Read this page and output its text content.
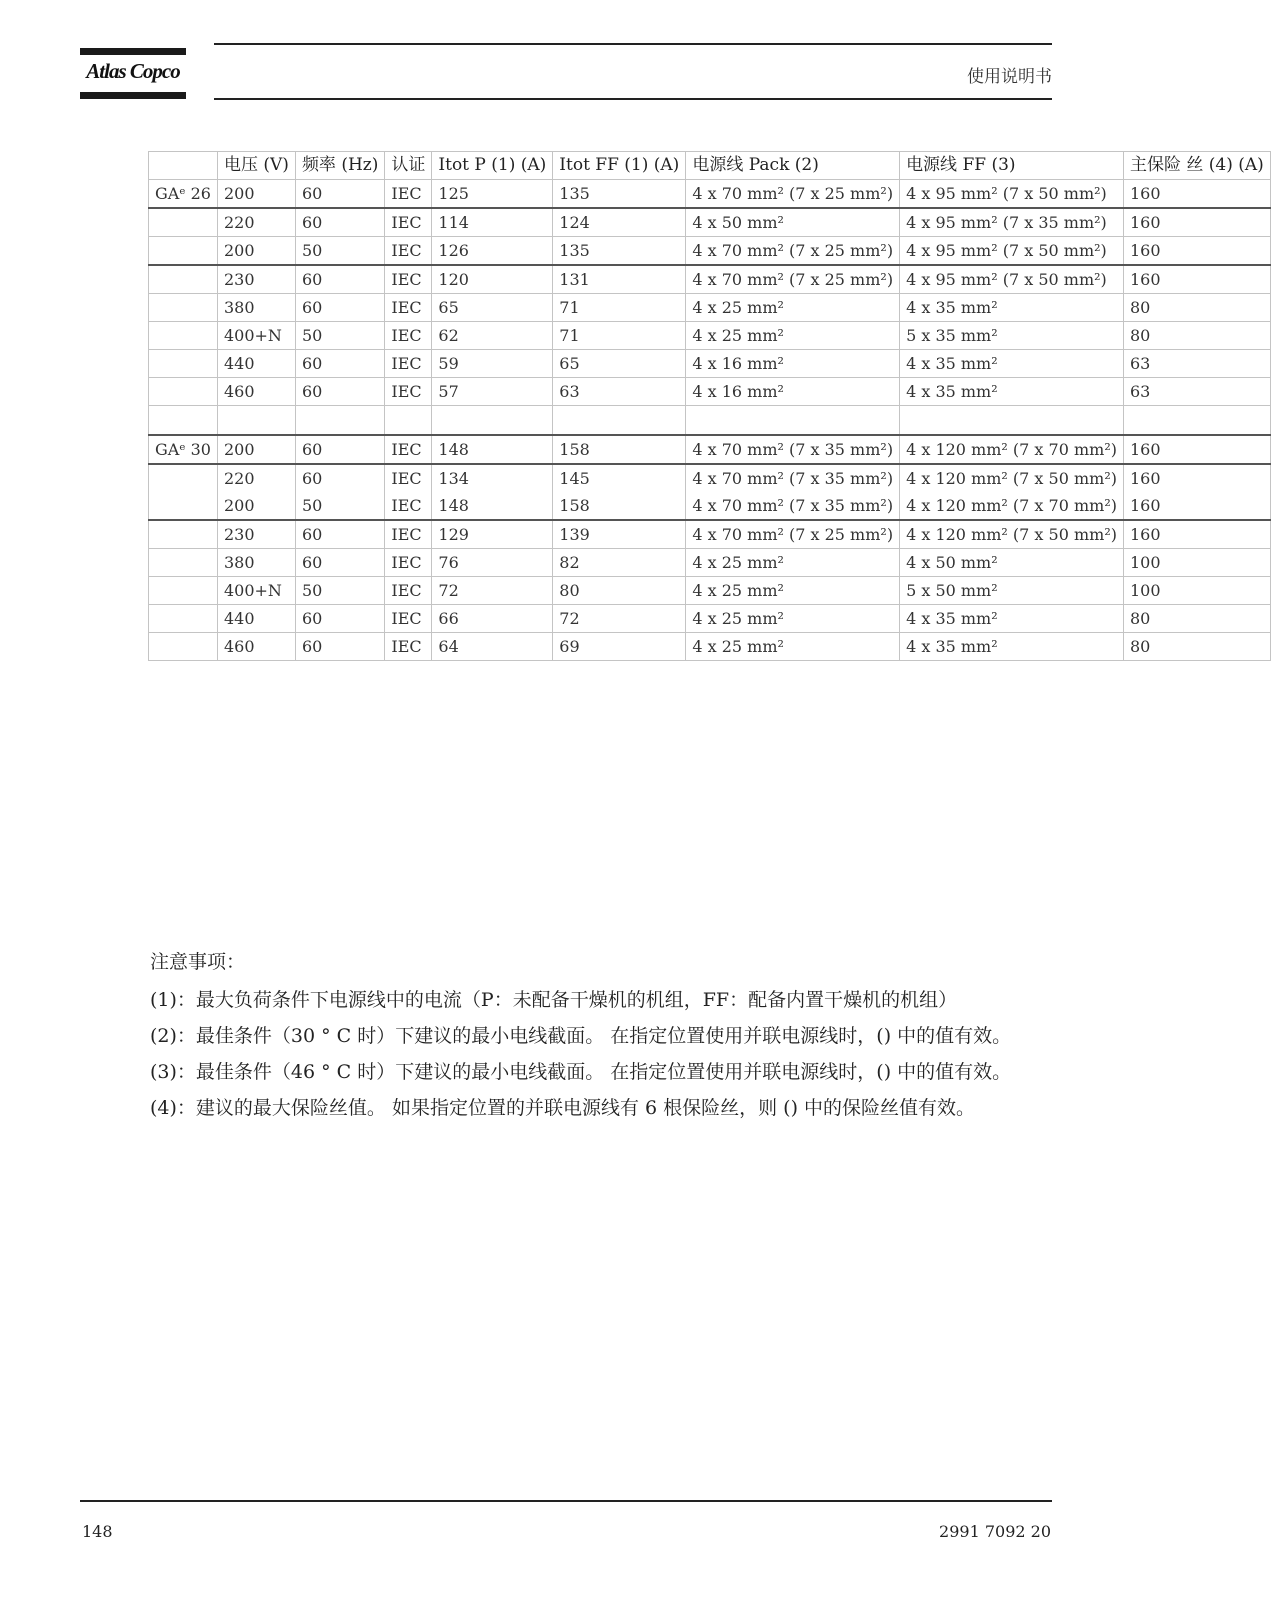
Atlas Copco	使用说明书
	电压 (V)	频率 (Hz)	认证	Itot P (1) (A)	Itot FF (1) (A)	电源线 Pack (2)	电源线 FF (3)	主保险 丝 (4) (A)
GAᵉ 26	200	60	IEC	125	135	4 x 70 mm² (7 x 25 mm²)	4 x 95 mm² (7 x 50 mm²)	160
	220	60	IEC	114	124	4 x 50 mm²	4 x 95 mm² (7 x 35 mm²)	160
	200	50	IEC	126	135	4 x 70 mm² (7 x 25 mm²)	4 x 95 mm² (7 x 50 mm²)	160
	230	60	IEC	120	131	4 x 70 mm² (7 x 25 mm²)	4 x 95 mm² (7 x 50 mm²)	160
	380	60	IEC	65	71	4 x 25 mm²	4 x 35 mm²	80
	400+N	50	IEC	62	71	4 x 25 mm²	5 x 35 mm²	80
	440	60	IEC	59	65	4 x 16 mm²	4 x 35 mm²	63
	460	60	IEC	57	63	4 x 16 mm²	4 x 35 mm²	63

GAᵉ 30	200	60	IEC	148	158	4 x 70 mm² (7 x 35 mm²)	4 x 120 mm² (7 x 70 mm²)	160
	220	60	IEC	134	145	4 x 70 mm² (7 x 35 mm²)	4 x 120 mm² (7 x 50 mm²)	160
	200	50	IEC	148	158	4 x 70 mm² (7 x 35 mm²)	4 x 120 mm² (7 x 70 mm²)	160
	230	60	IEC	129	139	4 x 70 mm² (7 x 25 mm²)	4 x 120 mm² (7 x 50 mm²)	160
	380	60	IEC	76	82	4 x 25 mm²	4 x 50 mm²	100
	400+N	50	IEC	72	80	4 x 25 mm²	5 x 50 mm²	100
	440	60	IEC	66	72	4 x 25 mm²	4 x 35 mm²	80
	460	60	IEC	64	69	4 x 25 mm²	4 x 35 mm²	80

注意事项：

(1)：最大负荷条件下电源线中的电流（P：未配备干燥机的机组，FF：配备内置干燥机的机组）

(2)：最佳条件（30 ° C 时）下建议的最小电线截面。 在指定位置使用并联电源线时，() 中的值有效。

(3)：最佳条件（46 ° C 时）下建议的最小电线截面。 在指定位置使用并联电源线时，() 中的值有效。

(4)：建议的最大保险丝值。 如果指定位置的并联电源线有 6 根保险丝，则 () 中的保险丝值有效。

148	2991 7092 20
